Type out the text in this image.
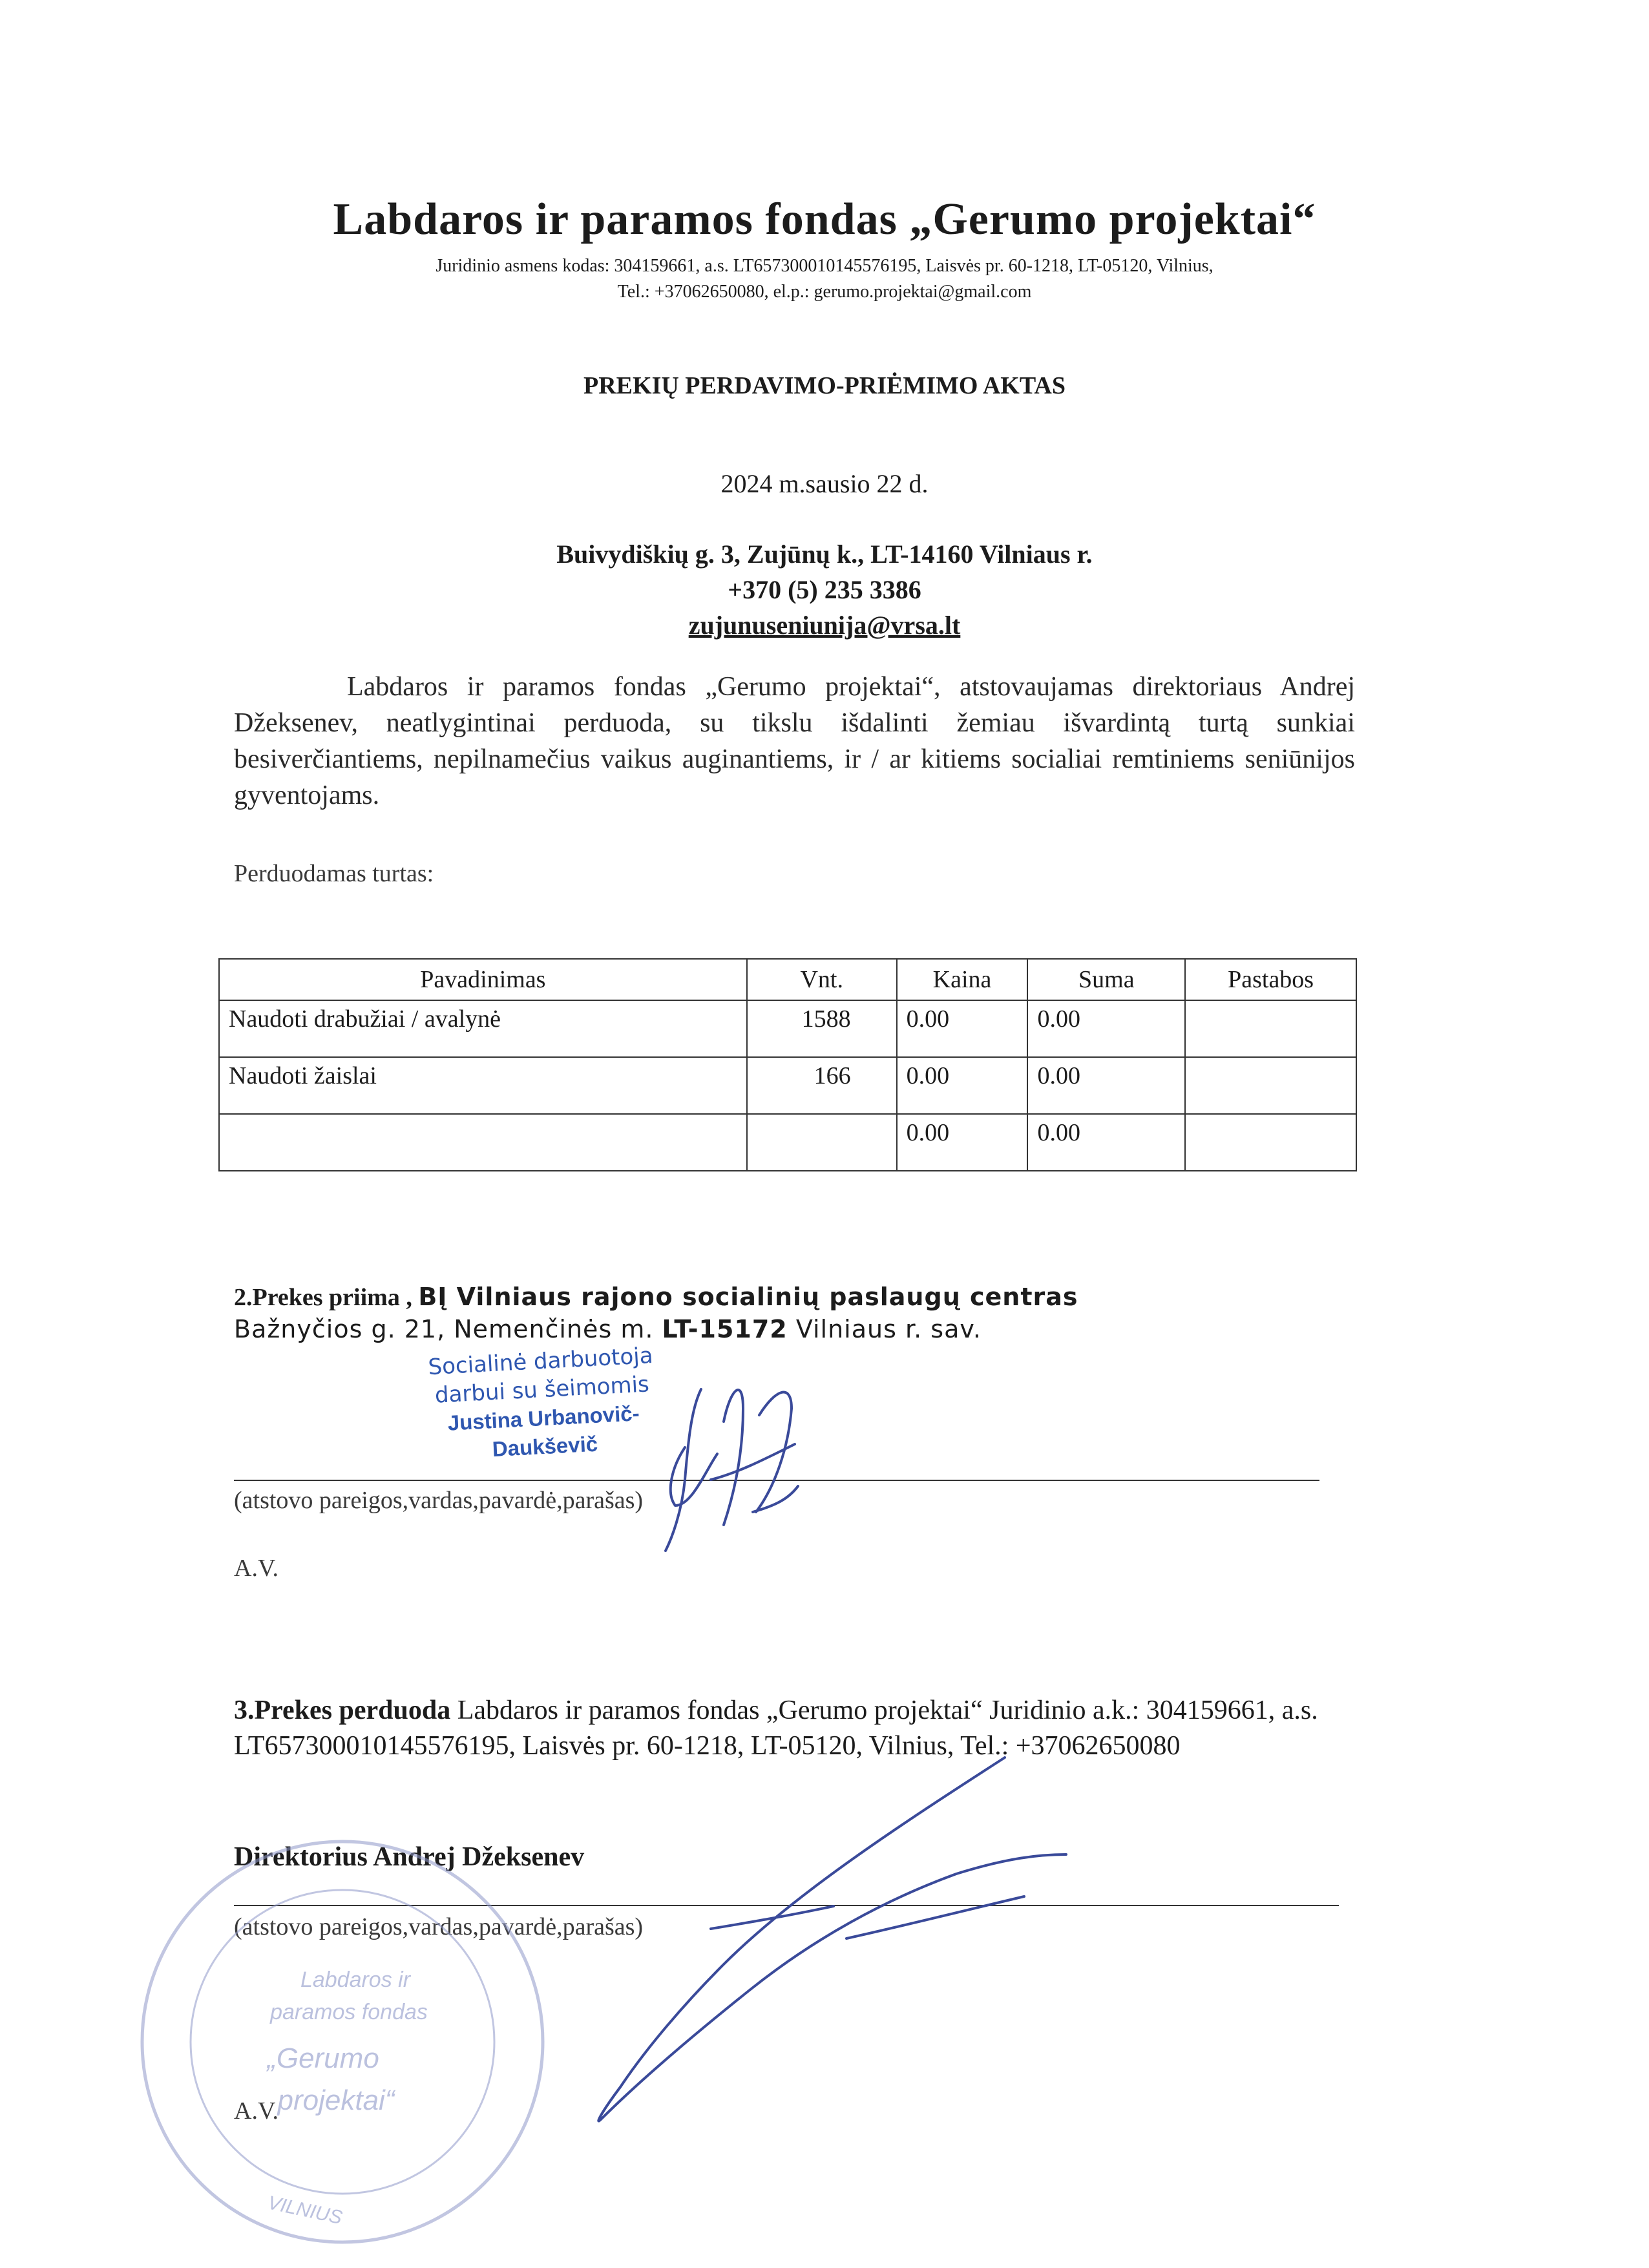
Labdaros ir paramos fondas „Gerumo projektai“
Juridinio asmens kodas: 304159661, a.s. LT657300010145576195, Laisvės pr. 60-1218, LT-05120, Vilnius,
Tel.: +37062650080, el.p.: gerumo.projektai@gmail.com
PREKIŲ PERDAVIMO-PRIĖMIMO AKTAS
2024 m.sausio 22 d.
Buivydiškių g. 3, Zujūnų k., LT-14160 Vilniaus r.
+370 (5) 235 3386
zujunuseniunija@vrsa.lt
Labdaros ir paramos fondas „Gerumo projektai“, atstovaujamas direktoriaus Andrej Džeksenev, neatlygintinai perduoda, su tikslu išdalinti žemiau išvardintą turtą sunkiai besiverčiantiems, nepilnamečius vaikus auginantiems, ir / ar kitiems socialiai remtiniems seniūnijos gyventojams.
Perduodamas turtas:
Pavadinimas	Vnt.	Kaina	Suma	Pastabos
Naudoti drabužiai / avalynė	1588	0.00	0.00	
Naudoti žaislai	166	0.00	0.00	
		0.00	0.00	
2.Prekes priima , BĮ Vilniaus rajono socialinių paslaugų centras
Bažnyčios g. 21, Nemenčinės m. LT-15172 Vilniaus r. sav.
Socialinė darbuotoja
darbui su šeimomis
Justina Urbanovič-Daukševič
(atstovo pareigos,vardas,pavardė,parašas)
A.V.
3.Prekes perduoda Labdaros ir paramos fondas „Gerumo projektai“ Juridinio a.k.: 304159661, a.s. LT657300010145576195, Laisvės pr. 60-1218, LT-05120, Vilnius, Tel.: +37062650080
Direktorius Andrej Džeksenev
(atstovo pareigos,vardas,pavardė,parašas)
A.V.
Labdaros ir
paramos fondas
„Gerumo
projektai“
VILNIUS
